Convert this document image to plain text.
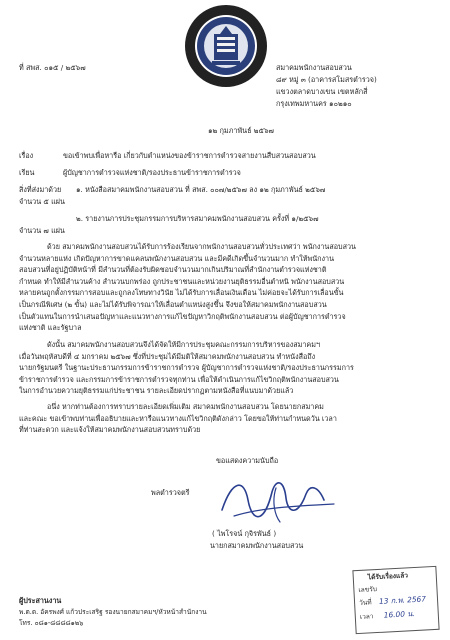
ที่ สพส. ๐๑๕ / ๒๕๖๗	สมาคมพนักงานสอบสวน
๘๙ หมู่ ๓ (อาคารสโมสรตำรวจ)
แขวงตลาดบางเขน เขตหลักสี่
กรุงเทพมหานคร ๑๐๒๑๐
๑๒ กุมภาพันธ์ ๒๕๖๗
เรื่อง	ขอเข้าพบเพื่อหารือ เกี่ยวกับตำแหน่งของข้าราชการตำรวจสายงานสืบสวนสอบสวน
เรียน	ผู้บัญชาการตำรวจแห่งชาติ/รองประธานข้าราชการตำรวจ
สิ่งที่ส่งมาด้วย ๑. หนังสือสมาคมพนักงานสอบสวน ที่ สพส. ๐๐๗/๒๕๖๗ ลง ๑๒ กุมภาพันธ์ ๒๕๖๗
จำนวน ๕ แผ่น
๒. รายงานการประชุมกรรมการบริหารสมาคมพนักงานสอบสวน ครั้งที่ ๑/๒๕๖๗
จำนวน ๗ แผ่น
ด้วย สมาคมพนักงานสอบสวนได้รับการร้องเรียนจากพนักงานสอบสวนทั่วประเทศว่า พนักงานสอบสวน
จำนวนหลายแห่ง เกิดปัญหาการขาดแคลนพนักงานสอบสวน และมีคดีเกิดขึ้นจำนวนมาก ทำให้พนักงาน
สอบสวนที่อยู่ปฏิบัติหน้าที่ มีสำนวนที่ต้องรับผิดชอบจำนวนมากเกินปริมาณที่สำนักงานตำรวจแห่งชาติ
กำหนด ทำให้มีสำนวนค้าง สำนวนบกพร่อง ถูกประชาชนและหน่วยงานยุติธรรมอื่นตำหนิ พนักงานสอบสวน
หลายคนถูกตั้งกรรมการสอบและถูกลงโทษทางวินัย ไม่ได้รับการเลื่อนเงินเดือน ไม่ค่อยจะได้รับการเลื่อนขั้น
เป็นกรณีพิเศษ (๒ ขั้น) และไม่ได้รับพิจารณาให้เลื่อนตำแหน่งสูงขึ้น จึงขอให้สมาคมพนักงานสอบสวน
เป็นตัวแทนในการนำเสนอปัญหาและแนวทางการแก้ไขปัญหาวิกฤติพนักงานสอบสวน ต่อผู้บัญชาการตำรวจ
แห่งชาติ และรัฐบาล
ดังนั้น สมาคมพนักงานสอบสวนจึงได้จัดให้มีการประชุมคณะกรรมการบริหารของสมาคมฯ
เมื่อวันพฤหัสบดีที่ ๔ มกราคม ๒๕๖๗ ซึ่งที่ประชุมได้มีมติให้สมาคมพนักงานสอบสวน ทำหนังสือถึง
นายกรัฐมนตรี ในฐานะประธานกรรมการข้าราชการตำรวจ ผู้บัญชาการตำรวจแห่งชาติ/รองประธานกรรมการ
ข้าราชการตำรวจ และกรรมการข้าราชการตำรวจทุกท่าน เพื่อให้ดำเนินการแก้ไขวิกฤติพนักงานสอบสวน
ในการอำนวยความยุติธรรมแก่ประชาชน รายละเอียดปรากฏตามหนังสือที่แนบมาด้วยแล้ว
อนึ่ง หากท่านต้องการทราบรายละเอียดเพิ่มเติม สมาคมพนักงานสอบสวน โดยนายกสมาคม
และคณะ ขอเข้าพบท่านเพื่ออธิบายและหารือแนวทางแก้ไขวิกฤติดังกล่าว โดยขอให้ท่านกำหนดวัน เวลา
ที่ท่านสะดวก และแจ้งให้สมาคมพนักงานสอบสวนทราบด้วย
ขอแสดงความนับถือ
พลตำรวจตรี
( ไพโรจน์ กุจิรพันธ์ )
นายกสมาคมพนักงานสอบสวน
ผู้ประสานงาน
พ.ต.ต. อัครพงศ์ แก้วประเสริฐ รองนายกสมาคมฯ/หัวหน้าสำนักงาน
โทร. ๐๘๑-๘๘๘๘๑๒๖
ได้รับเรื่องแล้ว
เลขรับ
วันที่ 13 ก.พ. 2567
เวลา 16.00 น.
